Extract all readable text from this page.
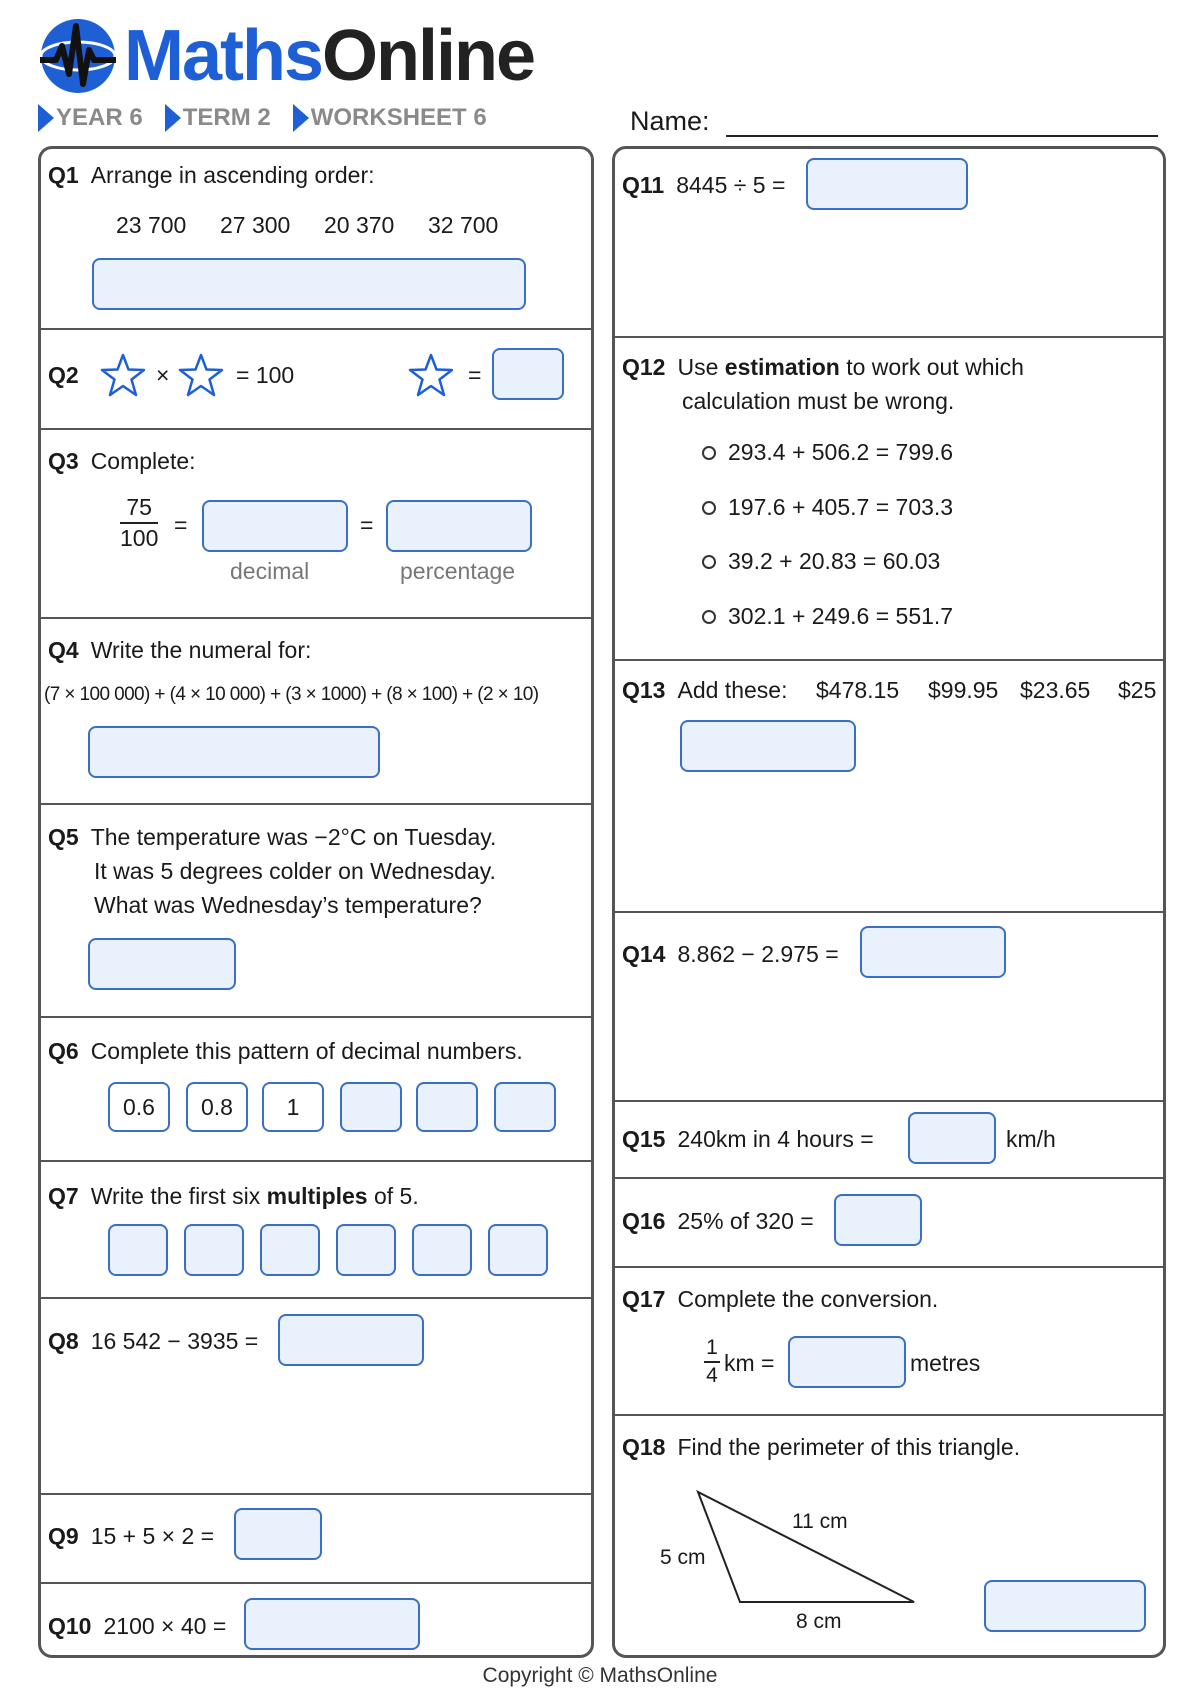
MathsOnline
YEAR 6 TERM 2 WORKSHEET 6	Name:
Q1 Arrange in ascending order:
23 700 27 300 20 370 32 700
Q2	×	= 100	=
Q3 Complete:
75
100 =	=
decimal	percentage
Q4 Write the numeral for:
(7 × 100 000) + (4 × 10 000) + (3 × 1000) + (8 × 100) + (2 × 10)
Q5 The temperature was −2°C on Tuesday.
It was 5 degrees colder on Wednesday.
What was Wednesday’s temperature?
Q6 Complete this pattern of decimal numbers.
0.6	0.8	1
Q7 Write the first six multiples of 5.
Q8 16 542 − 3935 =
Q9 15 + 5 × 2 =
Q10 2100 × 40 =
Q11 8445 ÷ 5 =
Q12 Use estimation to work out which
calculation must be wrong.
293.4 + 506.2 = 799.6
197.6 + 405.7 = 703.3
39.2 + 20.83 = 60.03
302.1 + 249.6 = 551.7
Q13 Add these: $478.15 $99.95 $23.65 $25
Q14 8.862 − 2.975 =
Q15 240km in 4 hours =	km/h
Q16 25% of 320 =
Q17 Complete the conversion.
1
4 km =	metres
Q18 Find the perimeter of this triangle.
11 cm
5 cm
8 cm
Copyright © MathsOnline
